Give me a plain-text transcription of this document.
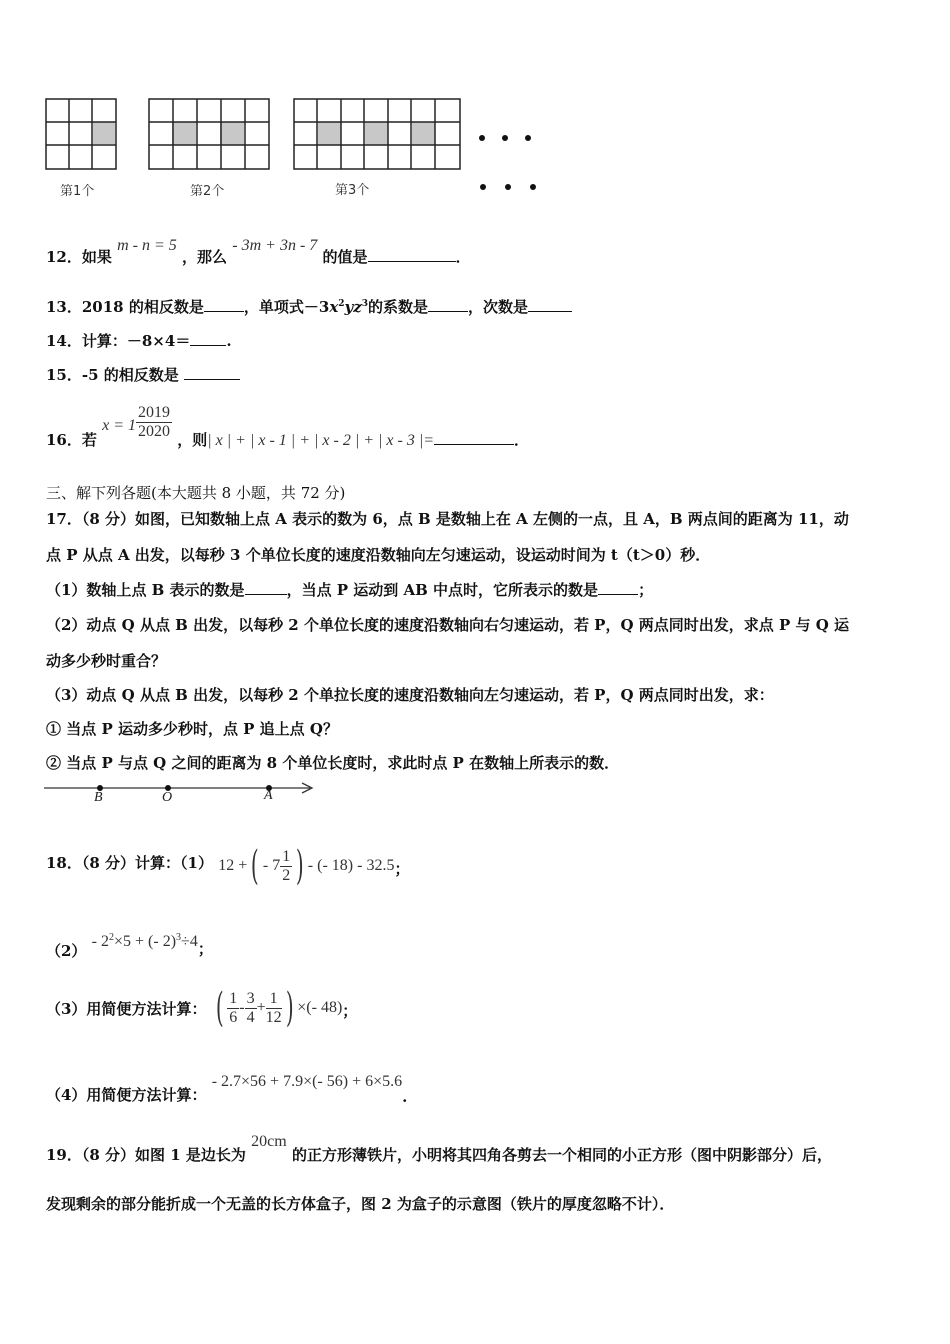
第1个	第2个	第3个
12．如果 m - n = 5 ，那么 - 3m + 3n - 7 的值是	．
13．2018 的相反数是	，单项式$-3x^2yz^3$的系数是	，次数是
14．计算：－8×4＝ .
15．-5 的相反数是
16．若 $x = 1 \frac{2019}{2020}$ ，则| x | + | x - 1 | + | x - 2 | + | x - 3 |=	．
三、解下列各题(本大题共 8 小题，共 72 分)
17．（8 分）如图，已知数轴上点 A 表示的数为 6，点 B 是数轴上在 A 左侧的一点，且 A，B 两点间的距离为 11，动
点 P 从点 A 出发，以每秒 3 个单位长度的速度沿数轴向左匀速运动，设运动时间为 t（t＞0）秒．
（1）数轴上点 B 表示的数是	，当点 P 运动到 AB 中点时，它所表示的数是	；
（2）动点 Q 从点 B 出发，以每秒 2 个单位长度的速度沿数轴向右匀速运动，若 P，Q 两点同时出发，求点 P 与 Q 运
动多少秒时重合？
（3）动点 Q 从点 B 出发，以每秒 2 个单拉长度的速度沿数轴向左匀速运动，若 P，Q 两点同时出发，求：
① 当点 P 运动多少秒时，点 P 追上点 Q？
② 当点 P 与点 Q 之间的距离为 8 个单位长度时，求此时点 P 在数轴上所表示的数．
B	O	A
18．（8 分）计算：（1） 12 +( - $7 \frac{1}{2}$ ) - (- 18) - 32.5；
$(2) - 2^2\times 5$ + (- 2)$^3$÷4；
（3）用简便方法计算： ( $\frac{1}{6} - \frac{3}{4} + \frac{1}{12}$ ) ×(- 48)；
（4）用简便方法计算： - 2.7×56 + 7.9×(- 56) + 6×5.6.
19．（8 分）如图 1 是边长为 20cm 的正方形薄铁片，小明将其四角各剪去一个相同的小正方形（图中阴影部分）后，
发现剩余的部分能折成一个无盖的长方体盒子，图 2 为盒子的示意图（铁片的厚度忽略不计）．
